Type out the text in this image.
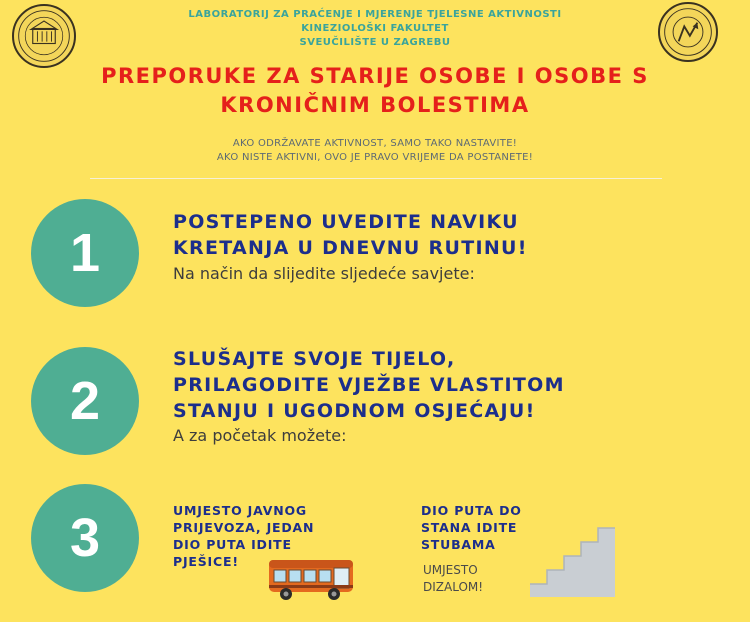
LABORATORIJ ZA PRAĆENJE I MJERENJE TJELESNE AKTIVNOSTI
KINEZIOLOŠKI FAKULTET
SVEUČILIŠTE U ZAGREBU
PREPORUKE ZA STARIJE OSOBE I OSOBE S
KRONIČNIM BOLESTIMA
AKO ODRŽAVATE AKTIVNOST, SAMO TAKO NASTAVITE!
AKO NISTE AKTIVNI, OVO JE PRAVO VRIJEME DA POSTANETE!
1
POSTEPENO UVEDITE NAVIKU
KRETANJA U DNEVNU RUTINU!
Na način da slijedite sljedeće savjete:
2
SLUŠAJTE SVOJE TIJELO,
PRILAGODITE VJEŽBE VLASTITOM
STANJU I UGODNOM OSJEĆAJU!
A za početak možete:
3	UMJESTO JAVNOG
PRIJEVOZA, JEDAN
DIO PUTA IDITE
PJEŠICE!
DIO PUTA DO
STANA IDITE
STUBAMA
UMJESTO
DIZALOM!
